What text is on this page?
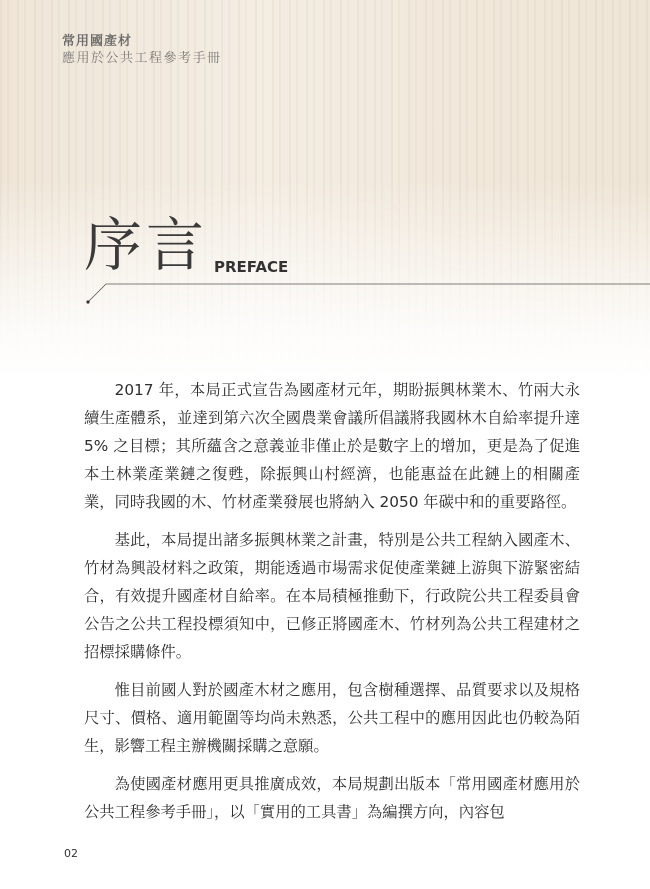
常用國產材
應用於公共工程參考手冊
序言 PREFACE

2017 年，本局正式宣告為國產材元年，期盼振興林業木、竹兩大永續生產體系，並達到第六次全國農業會議所倡議將我國林木自給率提升達 5% 之目標；其所蘊含之意義並非僅止於是數字上的增加，更是為了促進本土林業產業鏈之復甦，除振興山村經濟，也能惠益在此鏈上的相關產業，同時我國的木、竹材產業發展也將納入 2050 年碳中和的重要路徑。

基此，本局提出諸多振興林業之計畫，特別是公共工程納入國產木、竹材為興設材料之政策，期能透過市場需求促使產業鏈上游與下游緊密結合，有效提升國產材自給率。在本局積極推動下，行政院公共工程委員會公告之公共工程投標須知中，已修正將國產木、竹材列為公共工程建材之招標採購條件。

惟目前國人對於國產木材之應用，包含樹種選擇、品質要求以及規格尺寸、價格、適用範圍等均尚未熟悉，公共工程中的應用因此也仍較為陌生，影響工程主辦機關採購之意願。

為使國產材應用更具推廣成效，本局規劃出版本「常用國產材應用於公共工程參考手冊」，以「實用的工具書」為編撰方向，內容包

02
